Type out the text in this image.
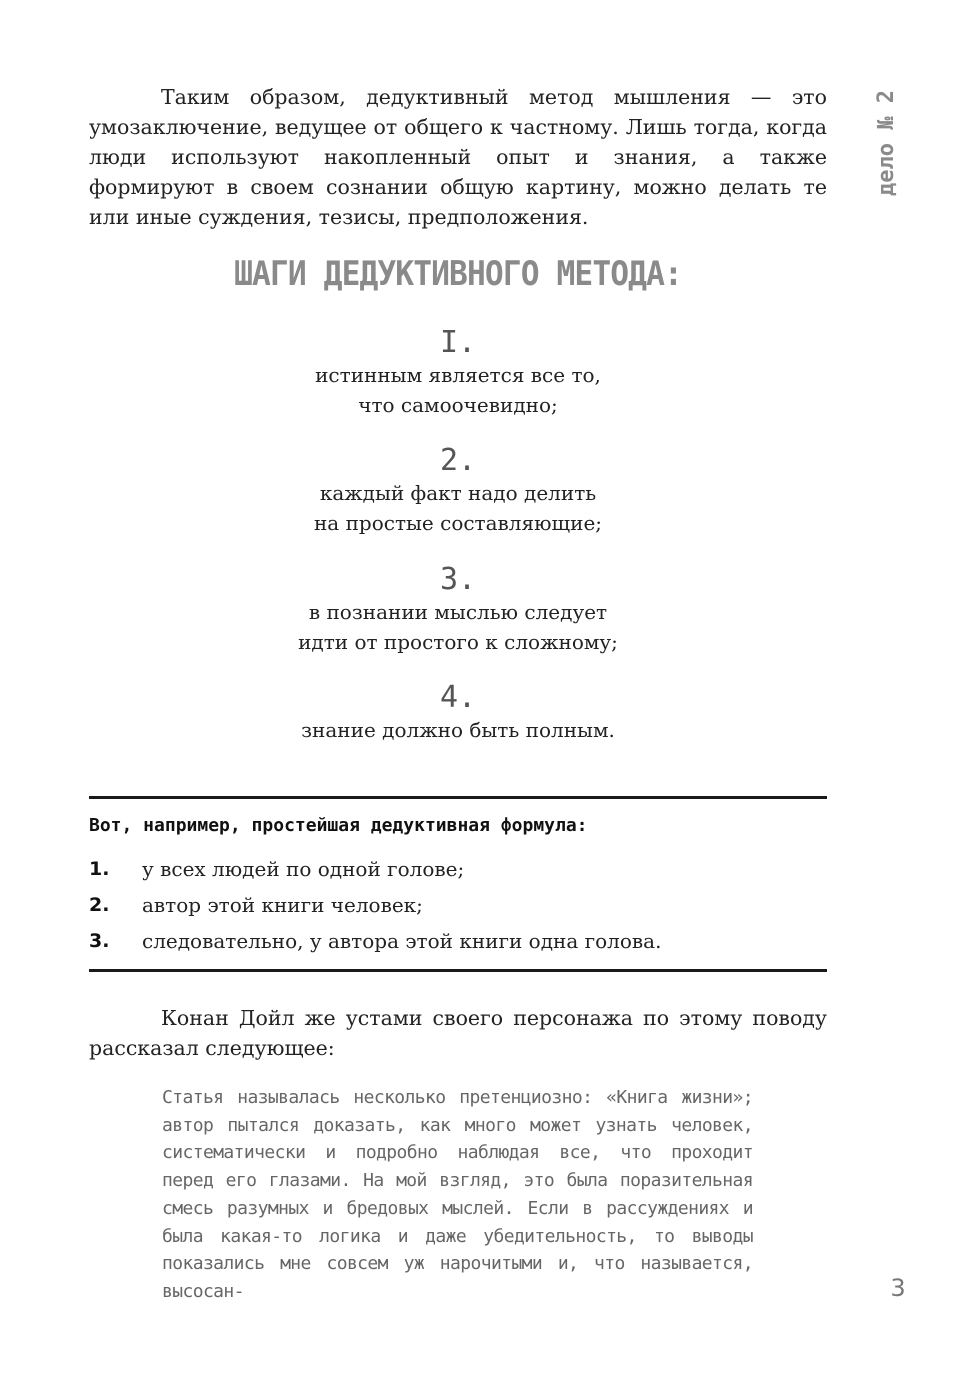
Таким образом, дедуктивный метод мышления — это умозаключение, ведущее от общего к частному. Лишь тогда, когда люди используют накопленный опыт и знания, а также формируют в своем сознании общую картину, можно делать те или иные суждения, тезисы, предположения.

ШАГИ ДЕДУКТИВНОГО МЕТОДА:
I.
истинным является все то,
что самоочевидно;
2.
каждый факт надо делить
на простые составляющие;
3.
в познании мыслью следует
идти от простого к сложному;
4.
знание должно быть полным.

Вот, например, простейшая дедуктивная формула:

1. у всех людей по одной голове;
2. автор этой книги человек;
3. следовательно, у автора этой книги одна голова.

Конан Дойл же устами своего персонажа по этому поводу рассказал следующее:

Статья называлась несколько претенциозно: «Книга жизни»; автор пытался доказать, как много может узнать человек, систематически и подробно наблюдая все, что проходит перед его глазами. На мой взгляд, это была поразительная смесь разумных и бредовых мыслей. Если в рассуждениях и была какая-то логика и даже убедительность, то выводы показались мне совсем уж нарочитыми и, что называется, высосан-

дело № 2
3
